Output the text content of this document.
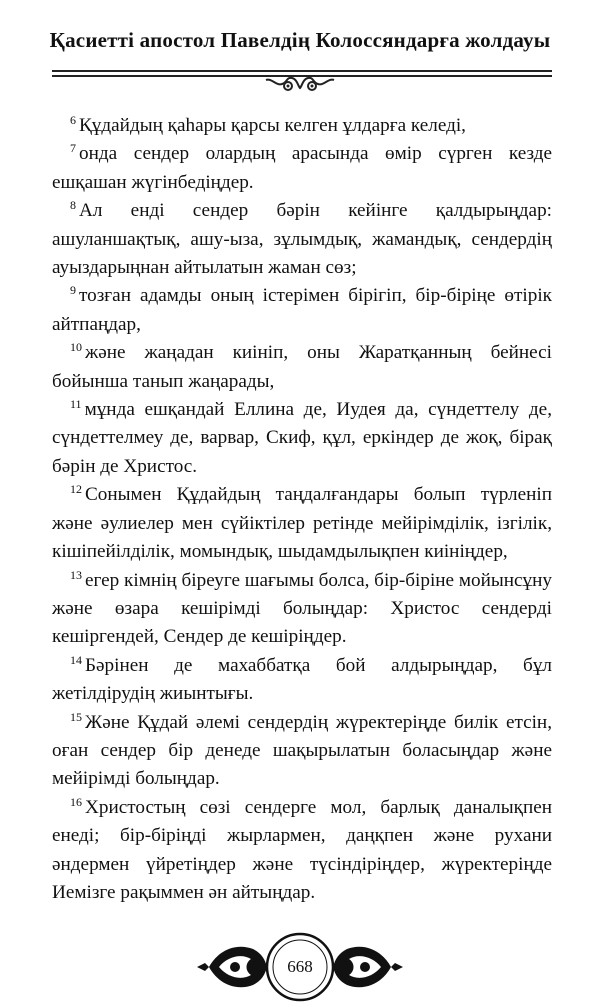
Қасиетті апостол Павелдің Колоссяндарға жолдауы

$^6$ Құдайдың қаһары қарсы келген ұлдарға келеді,

$^7$ онда сендер олардың арасында өмір сүрген кезде ешқашан жүгінбедіңдер.

$^8$ Ал енді сендер бәрін кейінге қалдырыңдар: ашуланшақтық, ашу-ыза, зұлымдық, жамандық, сендердің ауыздарыңнан айтылатын жаман сөз;

$^9$ тозған адамды оның істерімен бірігіп, бір-біріңе өтірік айтпаңдар,

$^{10}$ және жаңадан киініп, оны Жаратқанның бейнесі бойынша танып жаңарады,

$^{11}$ мұнда ешқандай Еллина де, Иудея да, сүндеттелу де, сүндеттелмеу де, варвар, Скиф, құл, еркіндер де жоқ, бірақ бәрін де Христос.

$^{12}$ Сонымен Құдайдың таңдалғандары болып түрленіп және әулиелер мен сүйіктілер ретінде мейірімділік, ізгілік, кішіпейілділік, момындық, шыдамдылықпен киініңдер,

$^{13}$ егер кімнің біреуге шағымы болса, бір-біріне мойынсұну және өзара кешірімді болыңдар: Христос сендерді кешіргендей, Сендер де кешіріңдер.

$^{14}$ Бәрінен де махаббатқа бой алдырыңдар, бұл жетілдірудің жиынтығы.

$^{15}$ Және Құдай әлемі сендердің жүректеріңде билік етсін, оған сендер бір денеде шақырылатын боласыңдар және мейірімді болыңдар.

$^{16}$ Христостың сөзі сендерге мол, барлық даналықпен енеді; бір-біріңді жырлармен, даңқпен және рухани әндермен үйретіңдер және түсіндіріңдер, жүректеріңде Иемізге рақыммен ән айтыңдар.

668
